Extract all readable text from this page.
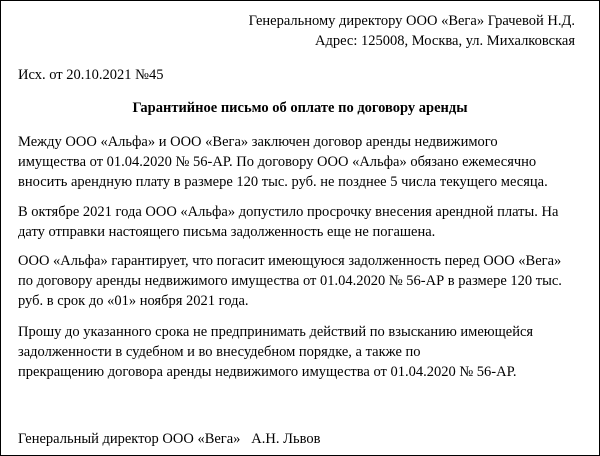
Генеральному директору ООО «Вега» Грачевой Н.Д.
Адрес: 125008, Москва, ул. Михалковская
Исх. от 20.10.2021 №45
Гарантийное письмо об оплате по договору аренды
Между ООО «Альфа» и ООО «Вега» заключен договор аренды недвижимого
имущества от 01.04.2020 № 56-АР. По договору ООО «Альфа» обязано ежемесячно
вносить арендную плату в размере 120 тыс. руб. не позднее 5 числа текущего месяца.
В октябре 2021 года ООО «Альфа» допустило просрочку внесения арендной платы. На
дату отправки настоящего письма задолженность еще не погашена.
ООО «Альфа» гарантирует, что погасит имеющуюся задолженность перед ООО «Вега»
по договору аренды недвижимого имущества от 01.04.2020 № 56-АР в размере 120 тыс.
руб. в срок до «01» ноября 2021 года.
Прошу до указанного срока не предпринимать действий по взысканию имеющейся
задолженности в судебном и во внесудебном порядке, а также по
прекращению договора аренды недвижимого имущества от 01.04.2020 № 56-АР.
Генеральный директор ООО «Вега»   А.Н. Львов
